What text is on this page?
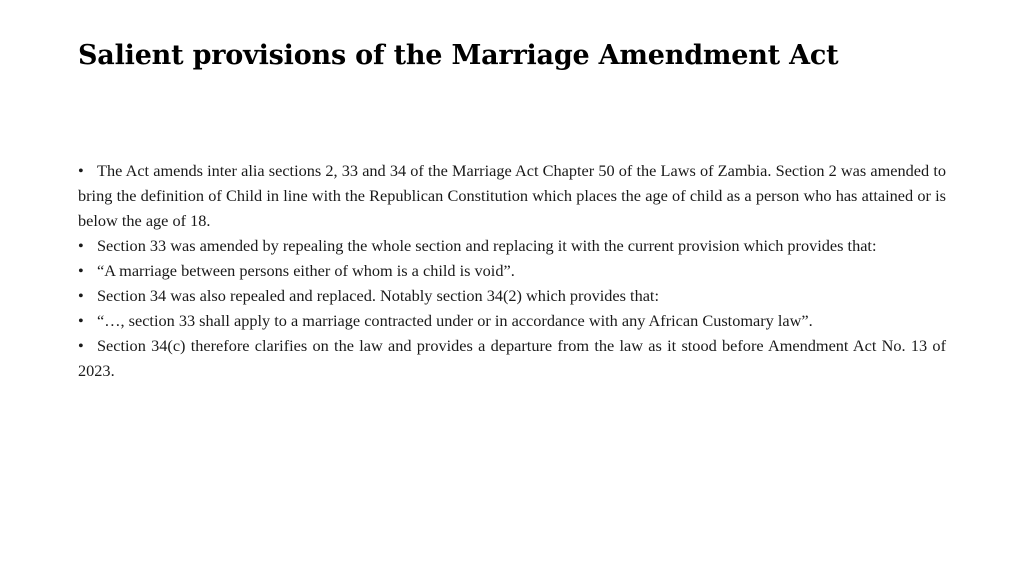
Salient provisions of the Marriage Amendment Act

• The Act amends inter alia sections 2, 33 and 34 of the Marriage Act Chapter 50 of the Laws of Zambia. Section 2 was amended to bring the definition of Child in line with the Republican Constitution which places the age of child as a person who has attained or is below the age of 18.

• Section 33 was amended by repealing the whole section and replacing it with the current provision which provides that:

• “A marriage between persons either of whom is a child is void”.

• Section 34 was also repealed and replaced. Notably section 34(2) which provides that:

• “…, section 33 shall apply to a marriage contracted under or in accordance with any African Customary law”.

• Section 34(c) therefore clarifies on the law and provides a departure from the law as it stood before Amendment Act No. 13 of 2023.
